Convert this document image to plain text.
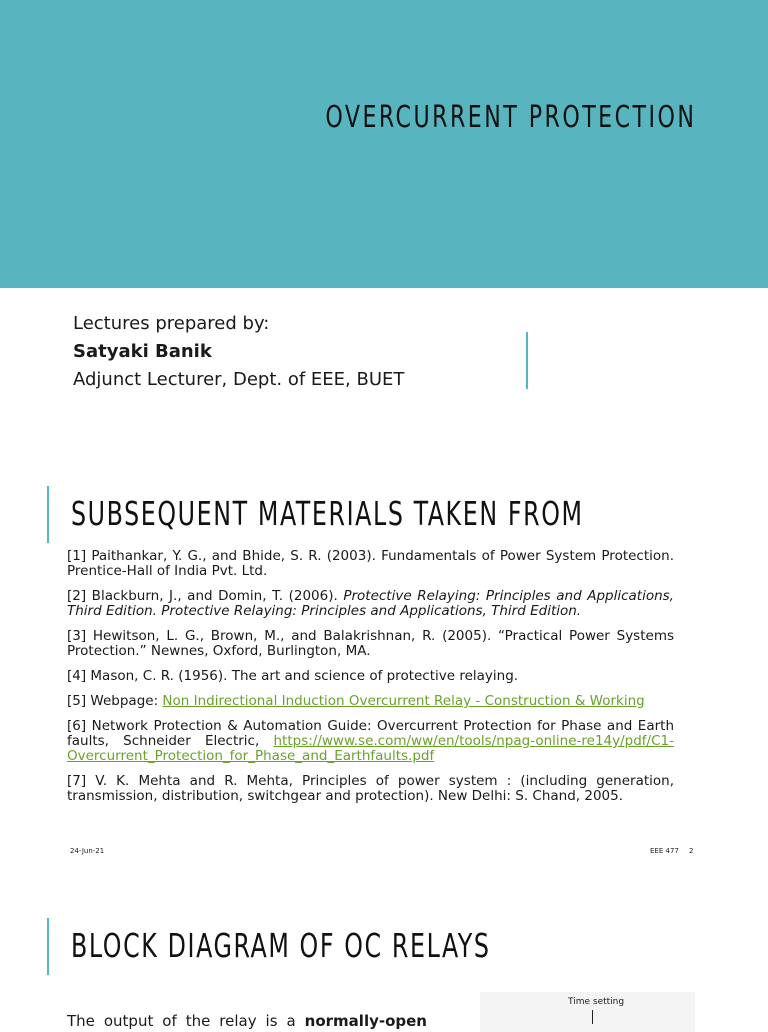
OVERCURRENT PROTECTION
Lectures prepared by:
Satyaki Banik
Adjunct Lecturer, Dept. of EEE, BUET
SUBSEQUENT MATERIALS TAKEN FROM

[1] Paithankar, Y. G., and Bhide, S. R. (2003). Fundamentals of Power System Protection. Prentice-Hall of India Pvt. Ltd.

[2] Blackburn, J., and Domin, T. (2006). Protective Relaying: Principles and Applications, Third Edition. Protective Relaying: Principles and Applications, Third Edition.

[3] Hewitson, L. G., Brown, M., and Balakrishnan, R. (2005). “Practical Power Systems Protection.” Newnes, Oxford, Burlington, MA.

[4] Mason, C. R. (1956). The art and science of protective relaying.

[5] Webpage: Non Indirectional Induction Overcurrent Relay - Construction & Working

[6] Network Protection & Automation Guide: Overcurrent Protection for Phase and Earth faults, Schneider Electric, https://www.se.com/ww/en/tools/npag-online-re14y/pdf/C1-Overcurrent_Protection_for_Phase_and_Earthfaults.pdf

[7] V. K. Mehta and R. Mehta, Principles of power system : (including generation, transmission, distribution, switchgear and protection). New Delhi: S. Chand, 2005.

24-Jun-21	EEE 477 2
BLOCK DIAGRAM OF OC RELAYS
The output of the relay is a normally-open
Time setting
